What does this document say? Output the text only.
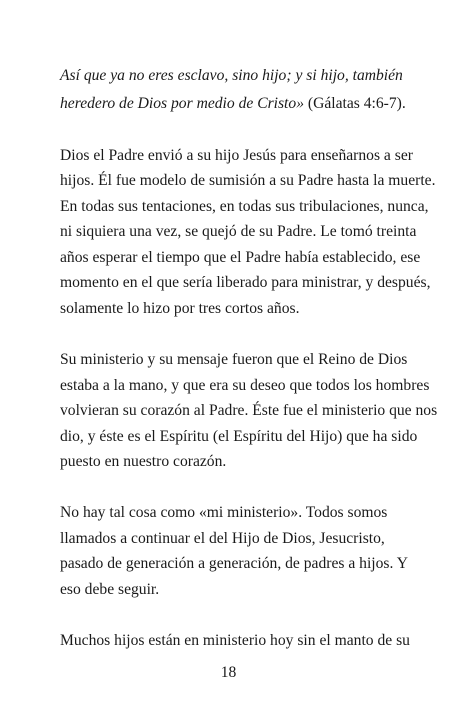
Así que ya no eres esclavo, sino hijo; y si hijo, también
heredero de Dios por medio de Cristo» (Gálatas 4:6-7).
Dios el Padre envió a su hijo Jesús para enseñarnos a ser
hijos. Él fue modelo de sumisión a su Padre hasta la muerte.
En todas sus tentaciones, en todas sus tribulaciones, nunca,
ni siquiera una vez, se quejó de su Padre. Le tomó treinta
años esperar el tiempo que el Padre había establecido, ese
momento en el que sería liberado para ministrar, y después,
solamente lo hizo por tres cortos años.
Su ministerio y su mensaje fueron que el Reino de Dios
estaba a la mano, y que era su deseo que todos los hombres
volvieran su corazón al Padre. Éste fue el ministerio que nos
dio, y éste es el Espíritu (el Espíritu del Hijo) que ha sido
puesto en nuestro corazón.
No hay tal cosa como «mi ministerio». Todos somos
llamados a continuar el del Hijo de Dios, Jesucristo,
pasado de generación a generación, de padres a hijos. Y
eso debe seguir.
Muchos hijos están en ministerio hoy sin el manto de su
18
